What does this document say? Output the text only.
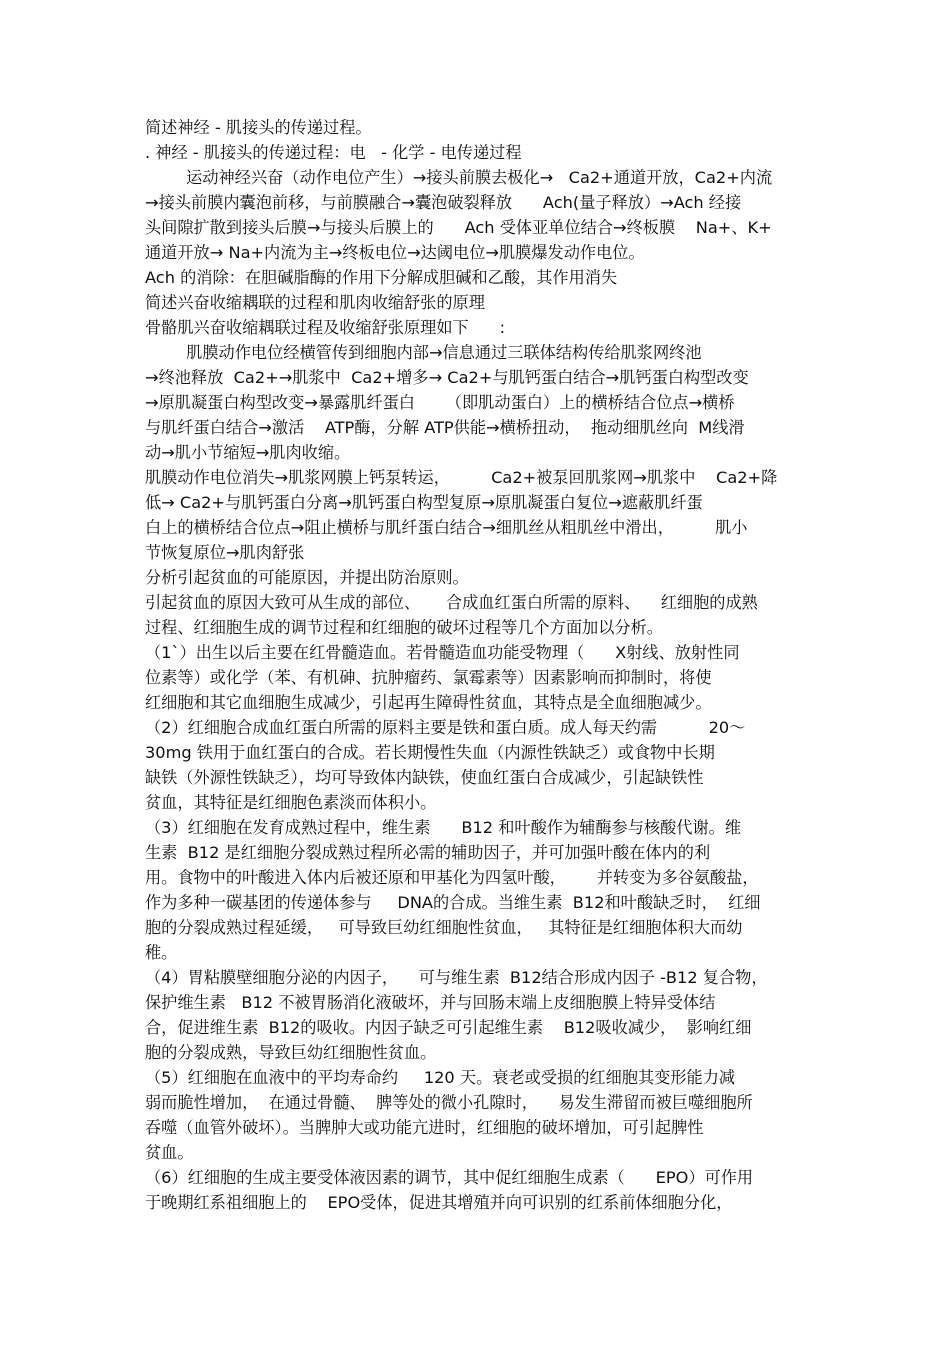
简述神经 - 肌接头的传递过程。
. 神经 - 肌接头的传递过程：电   - 化学 - 电传递过程
运动神经兴奋（动作电位产生）→接头前膜去极化→   Ca2+通道开放，Ca2+内流
→接头前膜内囊泡前移，与前膜融合→囊泡破裂释放      Ach(量子释放）→Ach 经接
头间隙扩散到接头后膜→与接头后膜上的      Ach 受体亚单位结合→终板膜    Na+、K+
通道开放→ Na+内流为主→终板电位→达阈电位→肌膜爆发动作电位。
Ach 的消除：在胆碱脂酶的作用下分解成胆碱和乙酸，其作用消失
简述兴奋收缩耦联的过程和肌肉收缩舒张的原理
骨骼肌兴奋收缩耦联过程及收缩舒张原理如下      :
肌膜动作电位经横管传到细胞内部→信息通过三联体结构传给肌浆网终池
→终池释放  Ca2+→肌浆中  Ca2+增多→ Ca2+与肌钙蛋白结合→肌钙蛋白构型改变
→原肌凝蛋白构型改变→暴露肌纤蛋白      （即肌动蛋白）上的横桥结合位点→横桥
与肌纤蛋白结合→激活    ATP酶，分解 ATP供能→横桥扭动，  拖动细肌丝向  M线滑
动→肌小节缩短→肌肉收缩。
肌膜动作电位消失→肌浆网膜上钙泵转运，        Ca2+被泵回肌浆网→肌浆中    Ca2+降
低→ Ca2+与肌钙蛋白分离→肌钙蛋白构型复原→原肌凝蛋白复位→遮蔽肌纤蛋
白上的横桥结合位点→阻止横桥与肌纤蛋白结合→细肌丝从粗肌丝中滑出，        肌小
节恢复原位→肌肉舒张
分析引起贫血的可能原因，并提出防治原则。
引起贫血的原因大致可从生成的部位、     合成血红蛋白所需的原料、    红细胞的成熟
过程、红细胞生成的调节过程和红细胞的破坏过程等几个方面加以分析。
（1`）出生以后主要在红骨髓造血。若骨髓造血功能受物理（      X射线、放射性同
位素等）或化学（苯、有机砷、抗肿瘤药、氯霉素等）因素影响而抑制时，将使
红细胞和其它血细胞生成减少，引起再生障碍性贫血，其特点是全血细胞减少。
（2）红细胞合成血红蛋白所需的原料主要是铁和蛋白质。成人每天约需          20～
30mg 铁用于血红蛋白的合成。若长期慢性失血（内源性铁缺乏）或食物中长期
缺铁（外源性铁缺乏），均可导致体内缺铁，使血红蛋白合成减少，引起缺铁性
贫血，其特征是红细胞色素淡而体积小。
（3）红细胞在发育成熟过程中，维生素      B12 和叶酸作为辅酶参与核酸代谢。维
生素  B12 是红细胞分裂成熟过程所必需的辅助因子，并可加强叶酸在体内的利
用。食物中的叶酸进入体内后被还原和甲基化为四氢叶酸，      并转变为多谷氨酸盐，
作为多种一碳基团的传递体参与     DNA的合成。当维生素  B12和叶酸缺乏时，  红细
胞的分裂成熟过程延缓，   可导致巨幼红细胞性贫血，   其特征是红细胞体积大而幼
稚。
（4）胃粘膜壁细胞分泌的内因子，    可与维生素  B12结合形成内因子 -B12 复合物，
保护维生素   B12 不被胃肠消化液破坏，并与回肠末端上皮细胞膜上特异受体结
合，促进维生素  B12的吸收。内因子缺乏可引起维生素    B12吸收减少，  影响红细
胞的分裂成熟，导致巨幼红细胞性贫血。
（5）红细胞在血液中的平均寿命约     120 天。衰老或受损的红细胞其变形能力减
弱而脆性增加，  在通过骨髓、  脾等处的微小孔隙时，    易发生滞留而被巨噬细胞所
吞噬（血管外破坏）。当脾肿大或功能亢进时，红细胞的破坏增加，可引起脾性
贫血。
（6）红细胞的生成主要受体液因素的调节，其中促红细胞生成素（      EPO）可作用
于晚期红系祖细胞上的    EPO受体，促进其增殖并向可识别的红系前体细胞分化，
